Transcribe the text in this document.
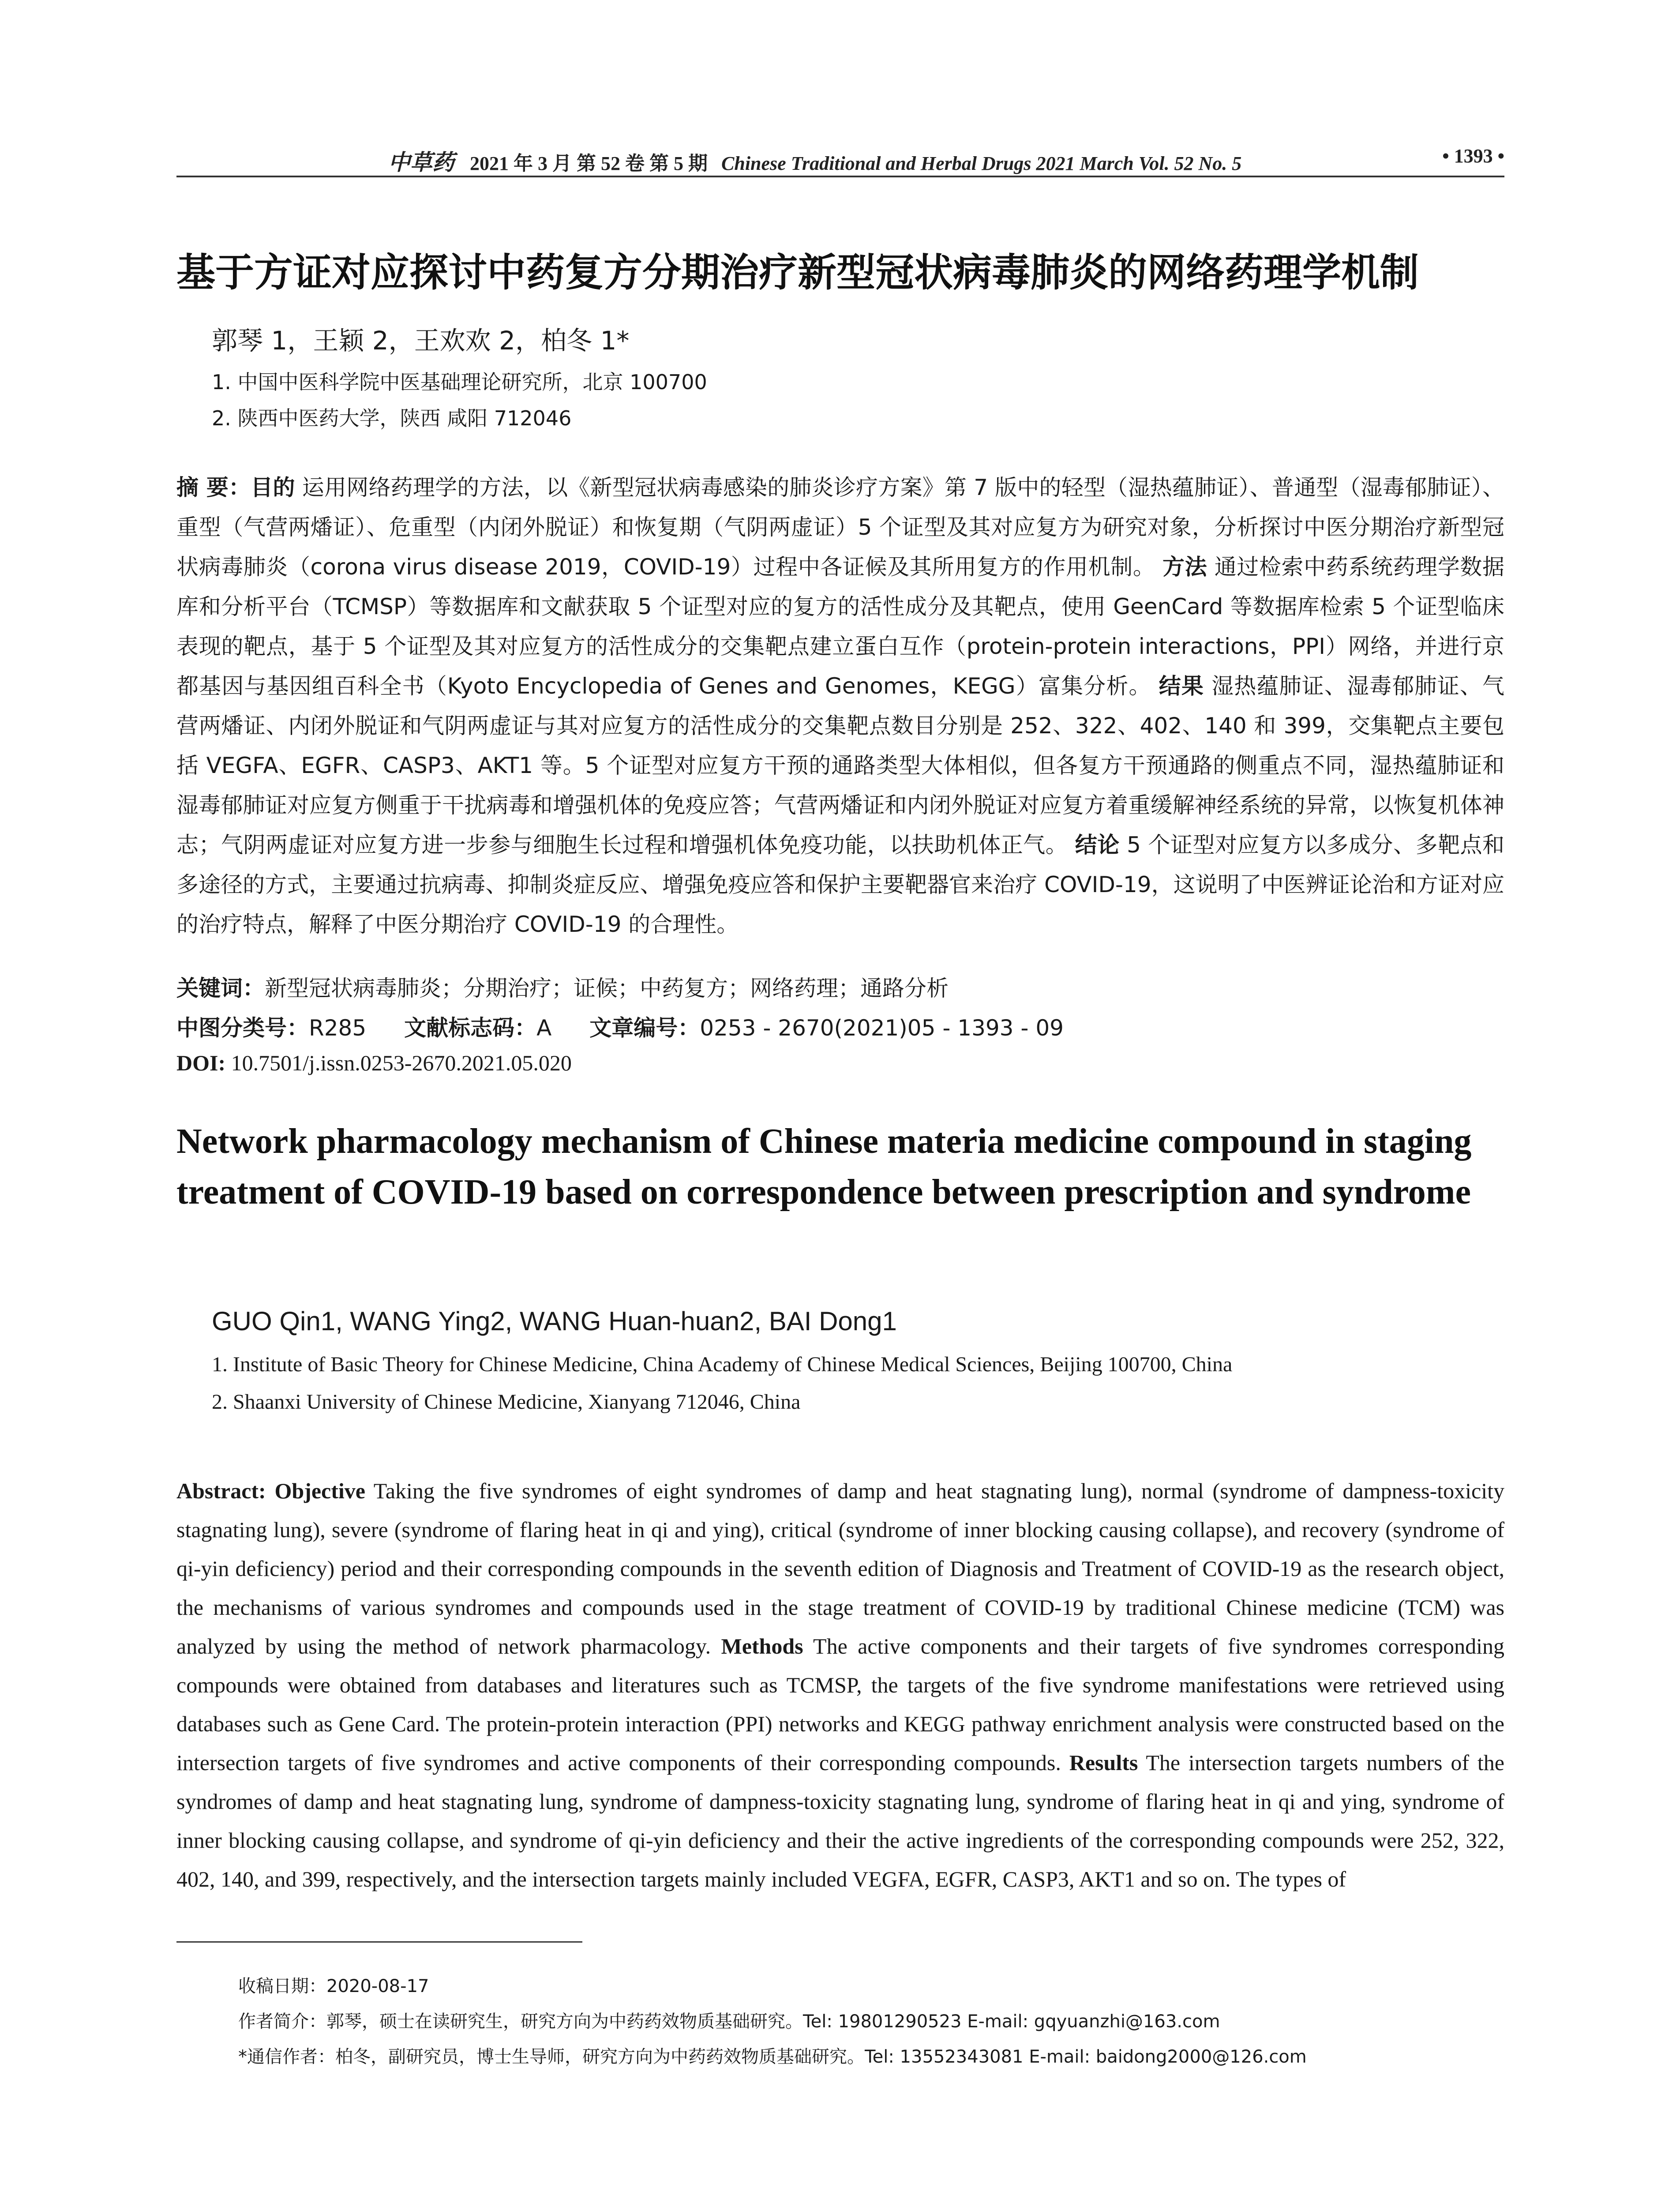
中草药 2021 年 3 月 第 52 卷 第 5 期 Chinese Traditional and Herbal Drugs 2021 March Vol. 52 No. 5	• 1393 •
基于方证对应探讨中药复方分期治疗新型冠状病毒肺炎的网络药理学机制
郭琴 1，王颖 2，王欢欢 2，柏冬 1*
1. 中国中医科学院中医基础理论研究所，北京 100700
2. 陕西中医药大学，陕西 咸阳 712046
摘 要：目的 运用网络药理学的方法，以《新型冠状病毒感染的肺炎诊疗方案》第 7 版中的轻型（湿热蕴肺证）、普通型（湿毒郁肺证）、重型（气营两燔证）、危重型（内闭外脱证）和恢复期（气阴两虚证）5 个证型及其对应复方为研究对象，分析探讨中医分期治疗新型冠状病毒肺炎（corona virus disease 2019，COVID-19）过程中各证候及其所用复方的作用机制。 方法 通过检索中药系统药理学数据库和分析平台（TCMSP）等数据库和文献获取 5 个证型对应的复方的活性成分及其靶点，使用 GeenCard 等数据库检索 5 个证型临床表现的靶点，基于 5 个证型及其对应复方的活性成分的交集靶点建立蛋白互作（protein-protein interactions，PPI）网络，并进行京都基因与基因组百科全书（Kyoto Encyclopedia of Genes and Genomes，KEGG）富集分析。 结果 湿热蕴肺证、湿毒郁肺证、气营两燔证、内闭外脱证和气阴两虚证与其对应复方的活性成分的交集靶点数目分别是 252、322、402、140 和 399，交集靶点主要包括 VEGFA、EGFR、CASP3、AKT1 等。5 个证型对应复方干预的通路类型大体相似，但各复方干预通路的侧重点不同，湿热蕴肺证和湿毒郁肺证对应复方侧重于干扰病毒和增强机体的免疫应答；气营两燔证和内闭外脱证对应复方着重缓解神经系统的异常，以恢复机体神志；气阴两虚证对应复方进一步参与细胞生长过程和增强机体免疫功能，以扶助机体正气。 结论 5 个证型对应复方以多成分、多靶点和多途径的方式，主要通过抗病毒、抑制炎症反应、增强免疫应答和保护主要靶器官来治疗 COVID-19，这说明了中医辨证论治和方证对应的治疗特点，解释了中医分期治疗 COVID-19 的合理性。
关键词：新型冠状病毒肺炎；分期治疗；证候；中药复方；网络药理；通路分析
中图分类号：R285 文献标志码：A 文章编号：0253 - 2670(2021)05 - 1393 - 09
DOI: 10.7501/j.issn.0253-2670.2021.05.020
Network pharmacology mechanism of Chinese materia medicine compound in staging treatment of COVID-19 based on correspondence between prescription and syndrome
GUO Qin1, WANG Ying2, WANG Huan-huan2, BAI Dong1
1. Institute of Basic Theory for Chinese Medicine, China Academy of Chinese Medical Sciences, Beijing 100700, China
2. Shaanxi University of Chinese Medicine, Xianyang 712046, China
Abstract: Objective Taking the five syndromes of eight syndromes of damp and heat stagnating lung), normal (syndrome of dampness-toxicity stagnating lung), severe (syndrome of flaring heat in qi and ying), critical (syndrome of inner blocking causing collapse), and recovery (syndrome of qi-yin deficiency) period and their corresponding compounds in the seventh edition of Diagnosis and Treatment of COVID-19 as the research object, the mechanisms of various syndromes and compounds used in the stage treatment of COVID-19 by traditional Chinese medicine (TCM) was analyzed by using the method of network pharmacology. Methods The active components and their targets of five syndromes corresponding compounds were obtained from databases and literatures such as TCMSP, the targets of the five syndrome manifestations were retrieved using databases such as Gene Card. The protein-protein interaction (PPI) networks and KEGG pathway enrichment analysis were constructed based on the intersection targets of five syndromes and active components of their corresponding compounds. Results The intersection targets numbers of the syndromes of damp and heat stagnating lung, syndrome of dampness-toxicity stagnating lung, syndrome of flaring heat in qi and ying, syndrome of inner blocking causing collapse, and syndrome of qi-yin deficiency and their the active ingredients of the corresponding compounds were 252, 322, 402, 140, and 399, respectively, and the intersection targets mainly included VEGFA, EGFR, CASP3, AKT1 and so on. The types of
收稿日期：2020-08-17
作者简介：郭琴，硕士在读研究生，研究方向为中药药效物质基础研究。Tel: 19801290523 E-mail: gqyuanzhi@163.com
*通信作者：柏冬，副研究员，博士生导师，研究方向为中药药效物质基础研究。Tel: 13552343081 E-mail: baidong2000@126.com
